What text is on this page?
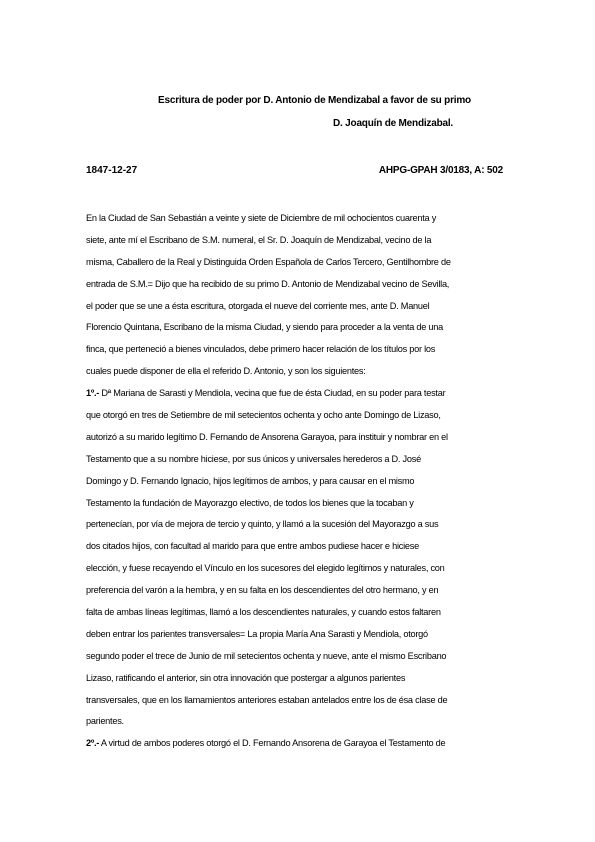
Escritura de poder por D. Antonio de Mendizabal a favor de su primo
D. Joaquín de Mendizabal.
1847-12-27	AHPG-GPAH 3/0183, A: 502
En la Ciudad de San Sebastián a veinte y siete de Diciembre de mil ochocientos cuarenta y
siete, ante mí el Escribano de S.M. numeral, el Sr. D. Joaquín de Mendizabal, vecino de la
misma, Caballero de la Real y Distinguida Orden Española de Carlos Tercero, Gentilhombre de
entrada de S.M.= Dijo que ha recibido de su primo D. Antonio de Mendizabal vecino de Sevilla,
el poder que se une a ésta escritura, otorgada el nueve del corriente mes, ante D. Manuel
Florencio Quintana, Escribano de la misma Ciudad, y siendo para proceder a la venta de una
finca, que perteneció a bienes vinculados, debe primero hacer relación de los títulos por los
cuales puede disponer de ella el referido D. Antonio, y son los siguientes:
1º.- Dª Mariana de Sarasti y Mendiola, vecina que fue de ésta Ciudad, en su poder para testar
que otorgó en tres de Setiembre de mil setecientos ochenta y ocho ante Domingo de Lizaso,
autorizó a su marido legítimo D. Fernando de Ansorena Garayoa, para instituir y nombrar en el
Testamento que a su nombre hiciese, por sus únicos y universales herederos a D. José
Domingo y D. Fernando Ignacio, hijos legítimos de ambos, y para causar en el mismo
Testamento la fundación de Mayorazgo electivo, de todos los bienes que la tocaban y
pertenecían, por vía de mejora de tercio y quinto, y llamó a la sucesión del Mayorazgo a sus
dos citados hijos, con facultad al marido para que entre ambos pudiese hacer e hiciese
elección, y fuese recayendo el Vínculo en los sucesores del elegido legítimos y naturales, con
preferencia del varón a la hembra, y en su falta en los descendientes del otro hermano, y en
falta de ambas líneas legítimas, llamó a los descendientes naturales, y cuando estos faltaren
deben entrar los parientes transversales= La propia María Ana Sarasti y Mendiola, otorgó
segundo poder el trece de Junio de mil setecientos ochenta y nueve, ante el mismo Escribano
Lizaso, ratificando el anterior, sin otra innovación que postergar a algunos parientes
transversales, que en los llamamientos anteriores estaban antelados entre los de ésa clase de
parientes.
2º.- A virtud de ambos poderes otorgó el D. Fernando Ansorena de Garayoa el Testamento de
